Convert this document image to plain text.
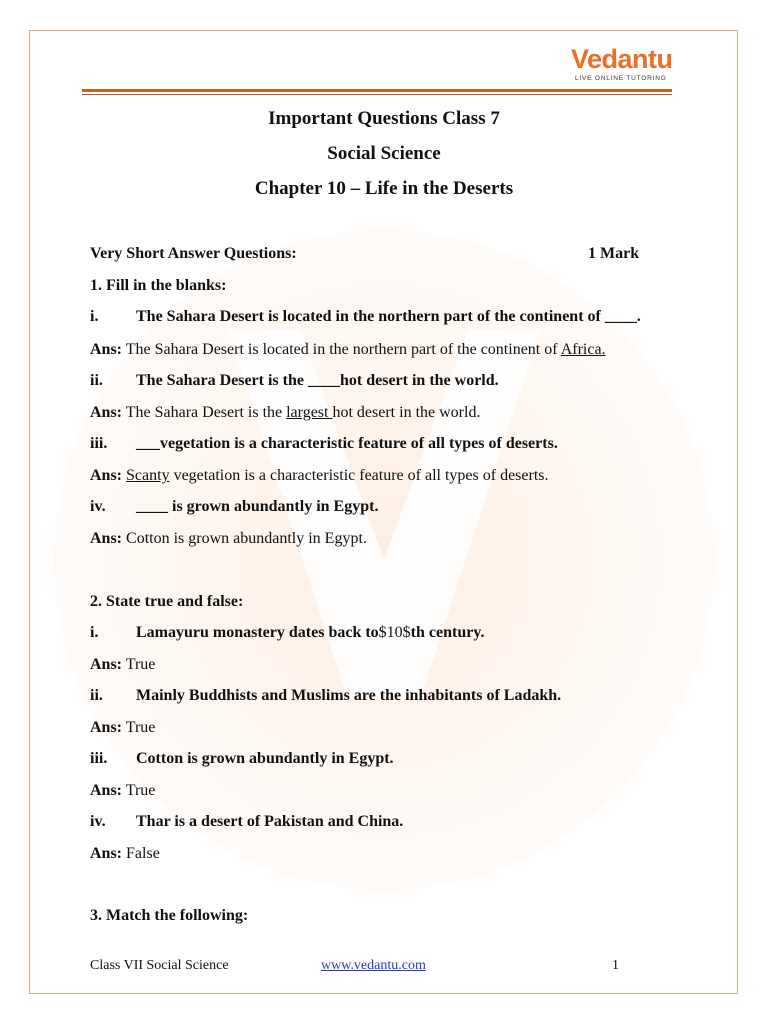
Vedantu
LIVE ONLINE TUTORING
Important Questions Class 7
Social Science
Chapter 10 – Life in the Deserts
Very Short Answer Questions:	1 Mark
1. Fill in the blanks:
i. The Sahara Desert is located in the northern part of the continent of ____.
Ans: The Sahara Desert is located in the northern part of the continent of Africa.
ii. The Sahara Desert is the ____hot desert in the world.
Ans: The Sahara Desert is the largest hot desert in the world.
iii. ___vegetation is a characteristic feature of all types of deserts.
Ans: Scanty vegetation is a characteristic feature of all types of deserts.
iv. ____ is grown abundantly in Egypt.
Ans: Cotton is grown abundantly in Egypt.
2. State true and false:
i. Lamayuru monastery dates back to$10$th century.
Ans: True
ii. Mainly Buddhists and Muslims are the inhabitants of Ladakh.
Ans: True
iii. Cotton is grown abundantly in Egypt.
Ans: True
iv. Thar is a desert of Pakistan and China.
Ans: False
3. Match the following:
Class VII Social Science	www.vedantu.com	1
